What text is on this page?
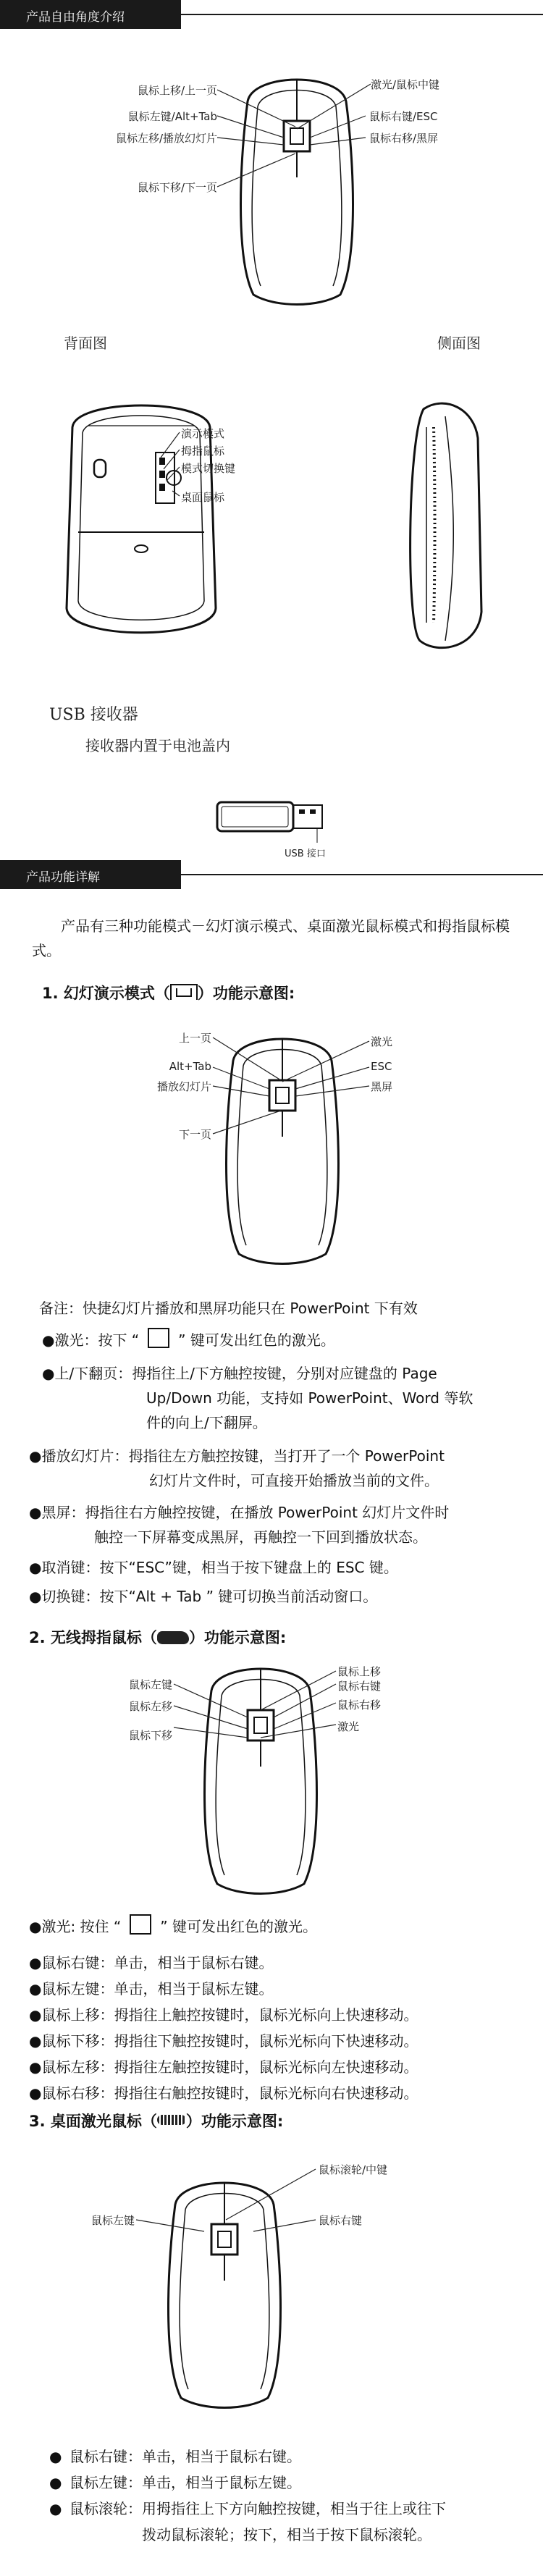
产品自由角度介绍
鼠标上移/上一页
鼠标左键/Alt+Tab
鼠标左移/播放幻灯片
鼠标下移/下一页
激光/鼠标中键
鼠标右键/ESC
鼠标右移/黑屏
背面图	侧面图
演示模式
拇指鼠标
模式切换键
桌面鼠标
USB 接收器
接收器内置于电池盖内
USB 接口
产品功能详解
产品有三种功能模式－幻灯演示模式、桌面激光鼠标模式和拇指鼠标模式。
1. 幻灯演示模式（ ）功能示意图:
上一页
Alt+Tab
播放幻灯片
下一页
激光
ESC
黑屏
备注：快捷幻灯片播放和黑屏功能只在 PowerPoint 下有效
●激光：按下 “	” 键可发出红色的激光。
●上/下翻页：拇指往上/下方触控按键，分别对应键盘的 Page
Up/Down 功能，支持如 PowerPoint、Word 等软
件的向上/下翻屏。
●播放幻灯片：拇指往左方触控按键，当打开了一个 PowerPoint
幻灯片文件时，可直接开始播放当前的文件。
●黑屏：拇指往右方触控按键，在播放 PowerPoint 幻灯片文件时
触控一下屏幕变成黑屏，再触控一下回到播放状态。
●取消键：按下“ESC”键，相当于按下键盘上的 ESC 键。
●切换键：按下“Alt + Tab ” 键可切换当前活动窗口。
2. 无线拇指鼠标（ ）功能示意图:
鼠标左键
鼠标左移
鼠标下移
鼠标上移
鼠标右键
鼠标右移
激光
●激光: 按住 “	” 键可发出红色的激光。
●鼠标右键：单击，相当于鼠标右键。
●鼠标左键：单击，相当于鼠标左键。
●鼠标上移：拇指往上触控按键时，鼠标光标向上快速移动。
●鼠标下移：拇指往下触控按键时，鼠标光标向下快速移动。
●鼠标左移：拇指往左触控按键时，鼠标光标向左快速移动。
●鼠标右移：拇指往右触控按键时，鼠标光标向右快速移动。
3. 桌面激光鼠标（ ）功能示意图:
鼠标左键
鼠标滚轮/中键
鼠标右键
● 鼠标右键：单击，相当于鼠标右键。
● 鼠标左键：单击，相当于鼠标左键。
● 鼠标滚轮：用拇指往上下方向触控按键，相当于往上或往下
拨动鼠标滚轮；按下，相当于按下鼠标滚轮。
